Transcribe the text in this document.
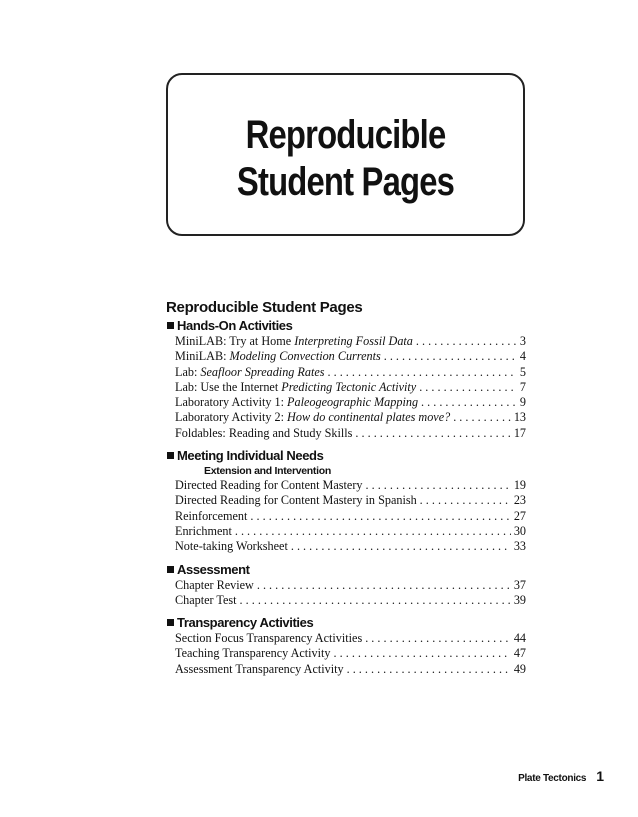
Reproducible
Student Pages
Reproducible Student Pages
Hands-On Activities
MiniLAB: Try at Home Interpreting Fossil Data . . .	3
MiniLAB: Modeling Convection Currents . . .	4
Lab: Seafloor Spreading Rates . . .	5
Lab: Use the Internet Predicting Tectonic Activity . . .	7
Laboratory Activity 1: Paleogeographic Mapping . . .	9
Laboratory Activity 2: How do continental plates move? . . .	13
Foldables: Reading and Study Skills . . .	17
Meeting Individual Needs
Extension and Intervention
Directed Reading for Content Mastery . . .	19
Directed Reading for Content Mastery in Spanish . . .	23
Reinforcement . . .	27
Enrichment . . .	30
Note-taking Worksheet . . .	33
Assessment
Chapter Review . . .	37
Chapter Test . . .	39
Transparency Activities
Section Focus Transparency Activities . . .	44
Teaching Transparency Activity . . .	47
Assessment Transparency Activity . . .	49
Plate Tectonics 1
